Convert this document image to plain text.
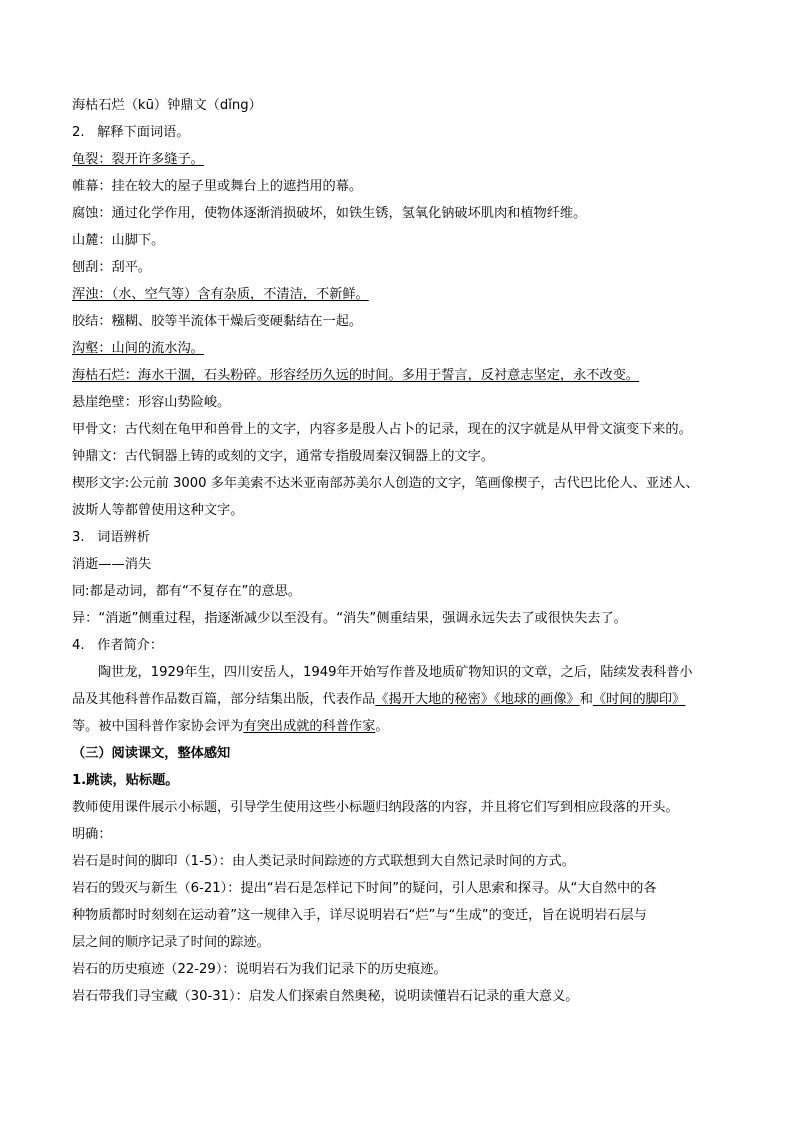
海枯石烂（kū）钟鼎文（dǐng）
2.   解释下面词语。
龟裂：裂开许多缝子。
帷幕：挂在较大的屋子里或舞台上的遮挡用的幕。
腐蚀：通过化学作用，使物体逐渐消损破坏，如铁生锈，氢氧化钠破坏肌肉和植物纤维。
山麓：山脚下。
刨刮：刮平。
浑浊：（水、空气等）含有杂质，不清洁，不新鲜。
胶结：糨糊、胶等半流体干燥后变硬黏结在一起。
沟壑：山间的流水沟。
海枯石烂：海水干涸，石头粉碎。形容经历久远的时间。多用于誓言，反衬意志坚定，永不改变。
悬崖绝壁：形容山势险峻。
甲骨文：古代刻在龟甲和兽骨上的文字，内容多是殷人占卜的记录，现在的汉字就是从甲骨文演变下来的。
钟鼎文：古代铜器上铸的或刻的文字，通常专指殷周秦汉铜器上的文字。
楔形文字:公元前 3000 多年美索不达米亚南部苏美尔人创造的文字，笔画像楔子，古代巴比伦人、亚述人、
波斯人等都曾使用这种文字。
3.   词语辨析
消逝——消失
同:都是动词，都有“不复存在”的意思。
异：“消逝”侧重过程，指逐渐减少以至没有。“消失”侧重结果，强调永远失去了或很快失去了。
4.   作者简介：
陶世龙，1929年生，四川安岳人，1949年开始写作普及地质矿物知识的文章，之后，陆续发表科普小
品及其他科普作品数百篇，部分结集出版，代表作品《揭开大地的秘密》《地球的画像》和《时间的脚印》
等。被中国科普作家协会评为有突出成就的科普作家。
（三）阅读课文，整体感知
1.跳读，贴标题。
教师使用课件展示小标题，引导学生使用这些小标题归纳段落的内容，并且将它们写到相应段落的开头。
明确：
岩石是时间的脚印（1-5）：由人类记录时间踪迹的方式联想到大自然记录时间的方式。
岩石的毁灭与新生（6-21）：提出“岩石是怎样记下时间”的疑问，引人思索和探寻。从“大自然中的各
种物质都时时刻刻在运动着”这一规律入手，详尽说明岩石“烂”与“生成”的变迁，旨在说明岩石层与
层之间的顺序记录了时间的踪迹。
岩石的历史痕迹（22-29）：说明岩石为我们记录下的历史痕迹。
岩石带我们寻宝藏（30-31）：启发人们探索自然奥秘，说明读懂岩石记录的重大意义。
